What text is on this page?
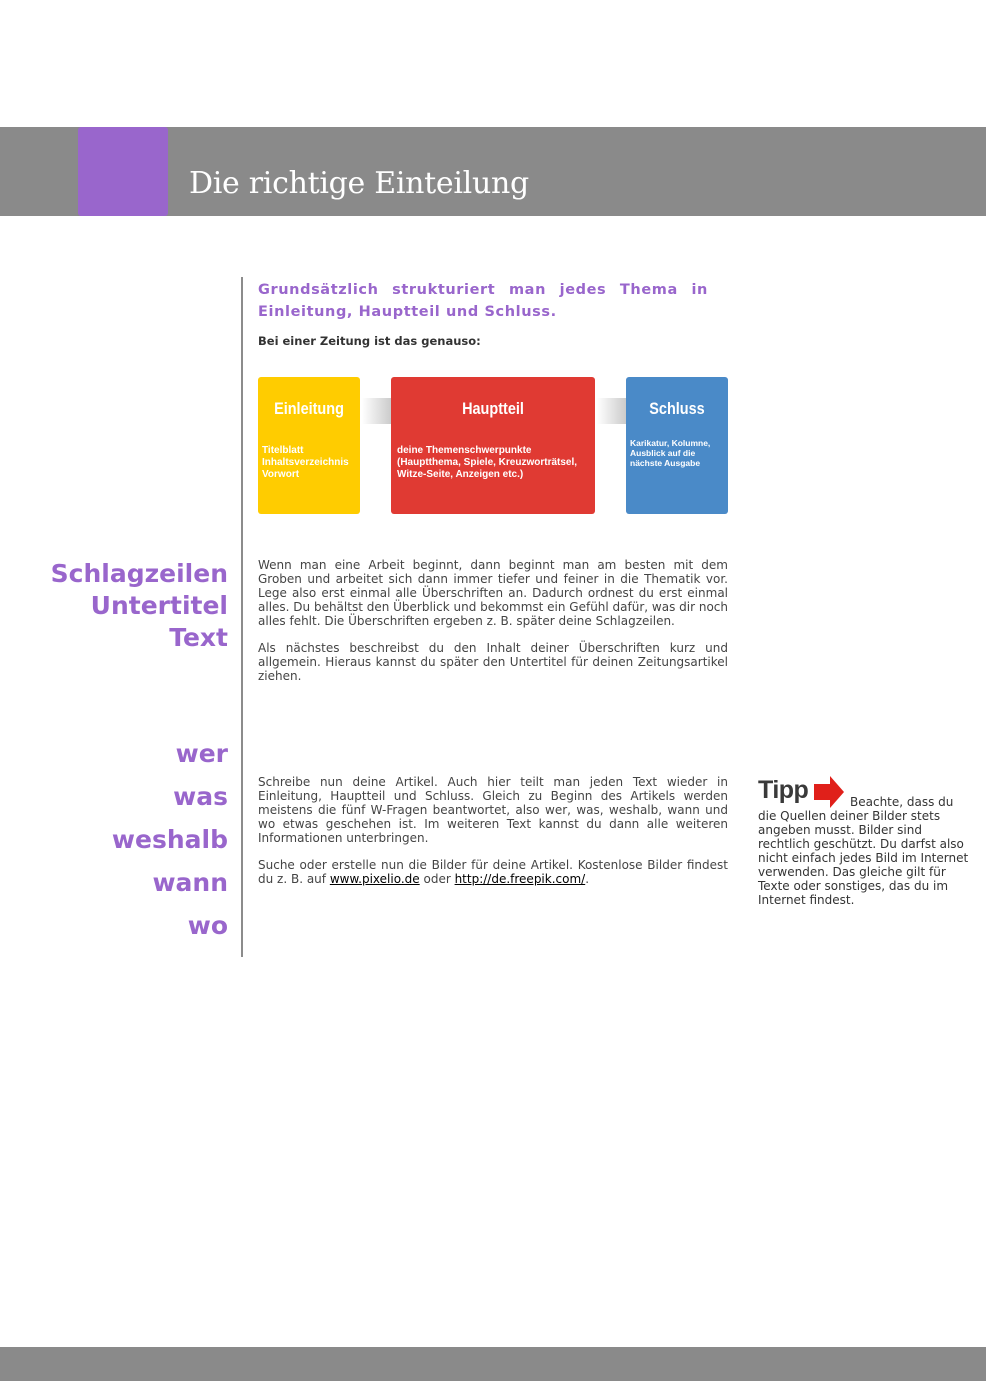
Die richtige Einteilung
Schlagzeilen
Untertitel
Text
wer
was
weshalb
wann
wo
Grundsätzlich strukturiert man jedes Thema in Einleitung, Hauptteil und Schluss.
Bei einer Zeitung ist das genauso:
Einleitung
Titelblatt
Inhaltsverzeichnis
Vorwort
Hauptteil
deine Themenschwerpunkte
(Hauptthema, Spiele, Kreuzworträtsel,
Witze-Seite, Anzeigen etc.)
Schluss
Karikatur, Kolumne,
Ausblick auf die
nächste Ausgabe

Wenn man eine Arbeit beginnt, dann beginnt man am besten mit dem Groben und arbeitet sich dann immer tiefer und feiner in die Thematik vor. Lege also erst einmal alle Überschriften an. Dadurch ordnest du erst einmal alles. Du behältst den Überblick und bekommst ein Gefühl dafür, was dir noch alles fehlt. Die Überschriften ergeben z. B. später deine Schlagzeilen.

Als nächstes beschreibst du den Inhalt deiner Überschriften kurz und allgemein. Hieraus kannst du später den Untertitel für deinen Zeitungsartikel ziehen.

Schreibe nun deine Artikel. Auch hier teilt man jeden Text wieder in Einleitung, Hauptteil und Schluss. Gleich zu Beginn des Artikels werden meistens die fünf W-Fragen beantwortet, also wer, was, weshalb, wann und wo etwas geschehen ist. Im weiteren Text kannst du dann alle weiteren Informationen unterbringen.

Suche oder erstelle nun die Bilder für deine Artikel. Kostenlose Bilder findest du z. B. auf www.pixelio.de oder http://de.freepik.com/.

Tipp	Beachte, dass du die Quellen deiner Bilder stets angeben musst. Bilder sind rechtlich geschützt. Du darfst also nicht einfach jedes Bild im Internet verwenden. Das gleiche gilt für Texte oder sonstiges, das du im Internet findest.
